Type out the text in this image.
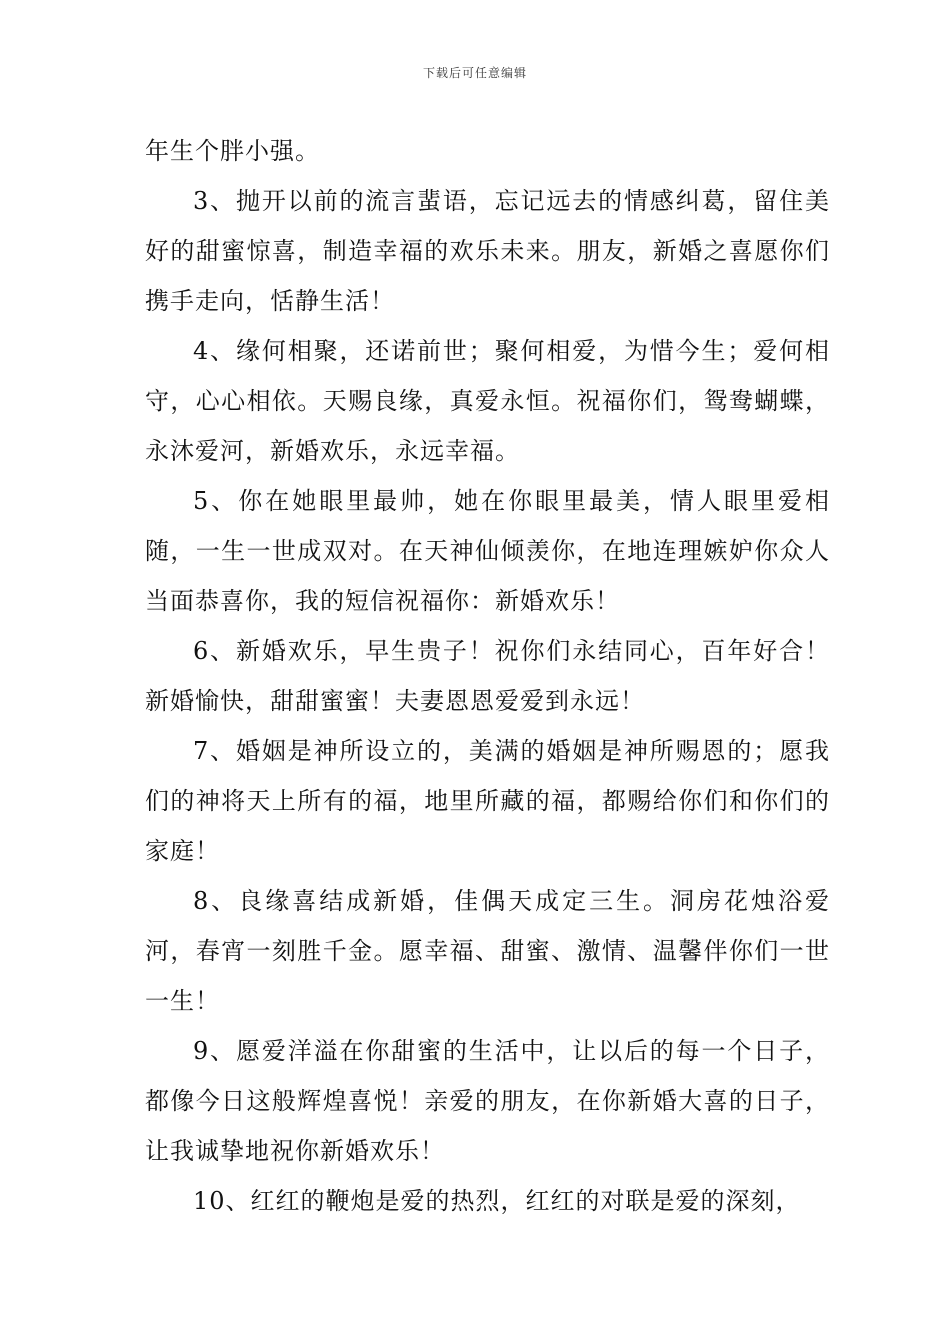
下载后可任意编辑

年生个胖小强。

3、抛开以前的流言蜚语，忘记远去的情感纠葛，留住美好的甜蜜惊喜，制造幸福的欢乐未来。朋友，新婚之喜愿你们携手走向，恬静生活！

4、缘何相聚，还诺前世；聚何相爱，为惜今生；爱何相守，心心相依。天赐良缘，真爱永恒。祝福你们，鸳鸯蝴蝶，永沐爱河，新婚欢乐，永远幸福。

5、你在她眼里最帅，她在你眼里最美，情人眼里爱相随，一生一世成双对。在天神仙倾羡你，在地连理嫉妒你众人当面恭喜你，我的短信祝福你：新婚欢乐！

6、新婚欢乐，早生贵子！祝你们永结同心，百年好合！新婚愉快，甜甜蜜蜜！夫妻恩恩爱爱到永远！

7、婚姻是神所设立的，美满的婚姻是神所赐恩的；愿我们的神将天上所有的福，地里所藏的福，都赐给你们和你们的家庭！

8、良缘喜结成新婚，佳偶天成定三生。洞房花烛浴爱河，春宵一刻胜千金。愿幸福、甜蜜、激情、温馨伴你们一世一生！

9、愿爱洋溢在你甜蜜的生活中，让以后的每一个日子，都像今日这般辉煌喜悦！亲爱的朋友，在你新婚大喜的日子，让我诚挚地祝你新婚欢乐！

10、红红的鞭炮是爱的热烈，红红的对联是爱的深刻，
